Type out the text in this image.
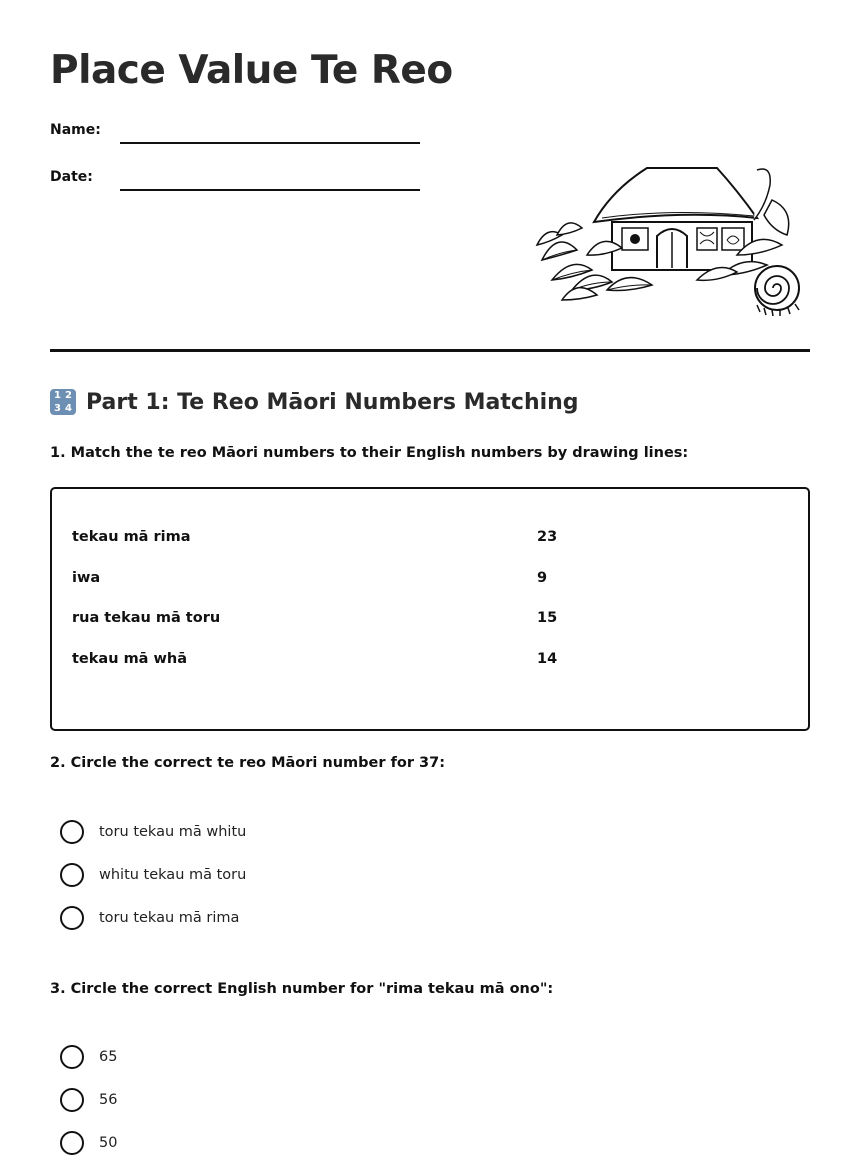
Place Value Te Reo
Name:
Date:
1 2
3 4 Part 1: Te Reo Māori Numbers Matching

1. Match the te reo Māori numbers to their English numbers by drawing lines:

tekau mā rima	23
iwa	9
rua tekau mā toru	15
tekau mā whā	14

2. Circle the correct te reo Māori number for 37:

toru tekau mā whitu
whitu tekau mā toru
toru tekau mā rima

3. Circle the correct English number for "rima tekau mā ono":

65
56
50
